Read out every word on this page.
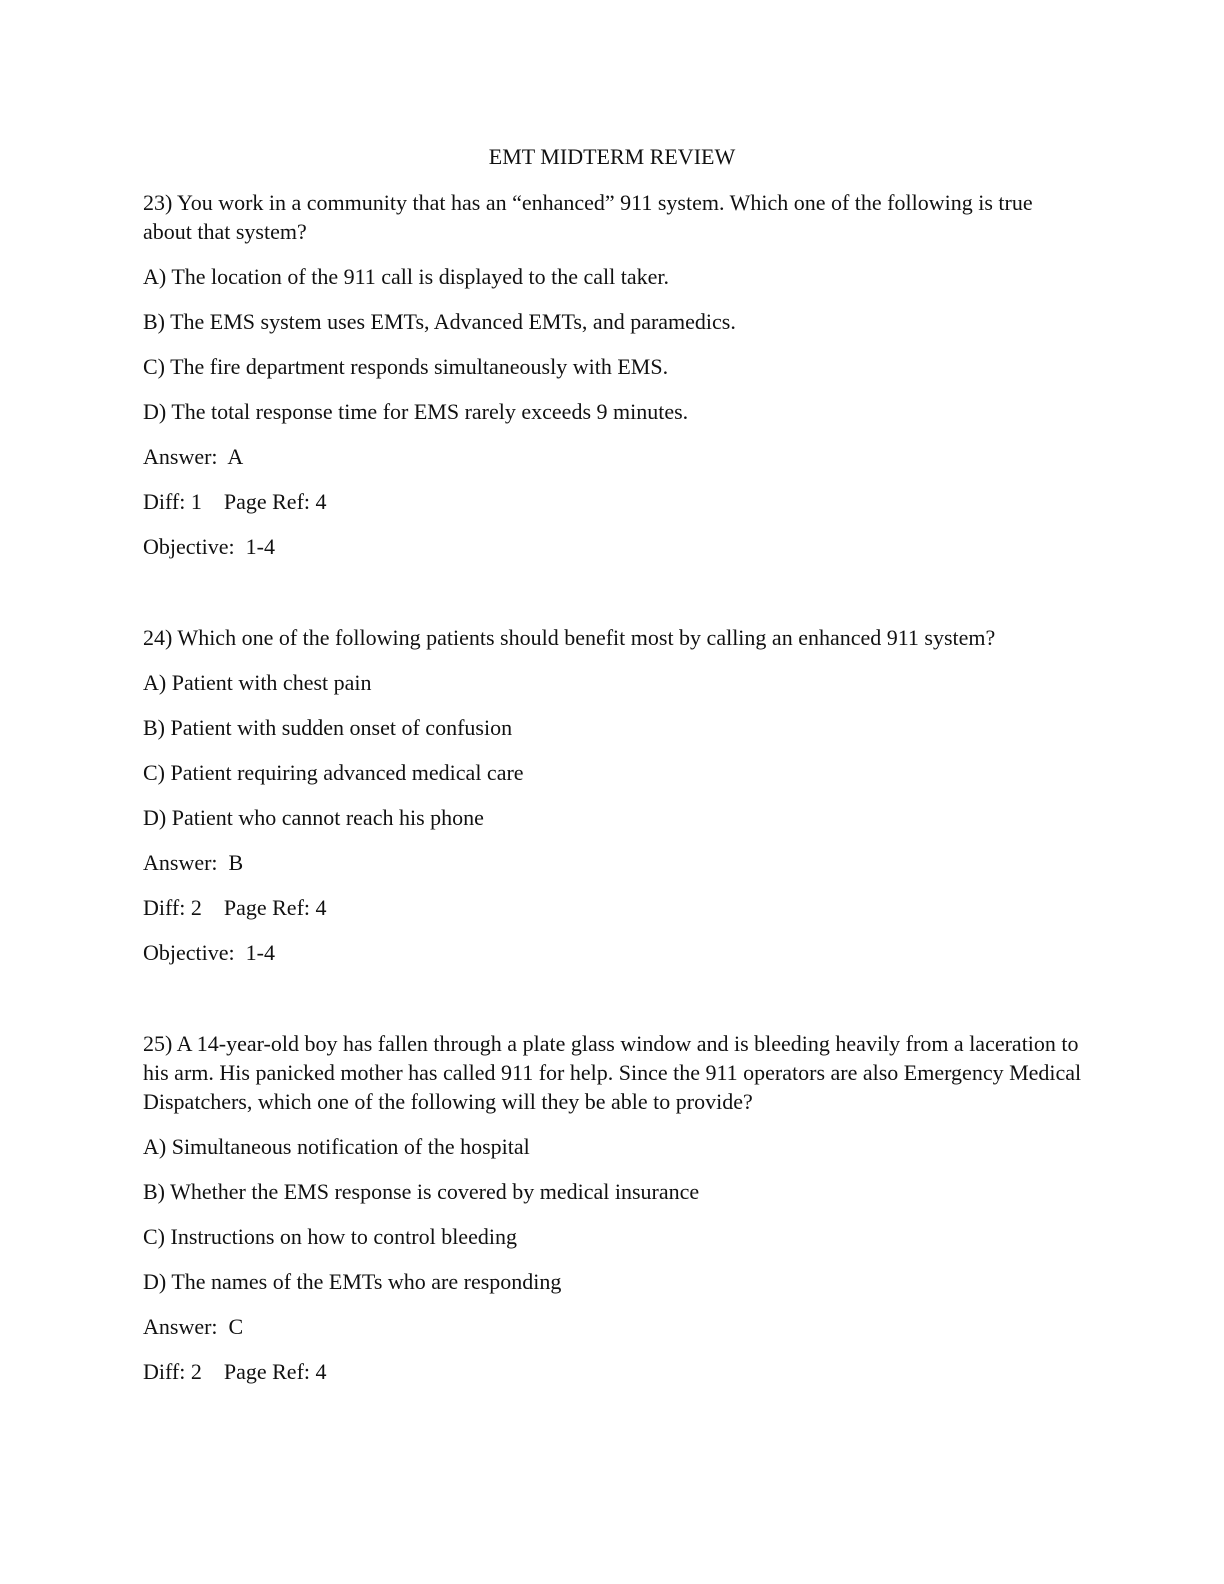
EMT MIDTERM REVIEW

23) You work in a community that has an “enhanced” 911 system. Which one of the following is true about that system?

A) The location of the 911 call is displayed to the call taker.

B) The EMS system uses EMTs, Advanced EMTs, and paramedics.

C) The fire department responds simultaneously with EMS.

D) The total response time for EMS rarely exceeds 9 minutes.

Answer:  A

Diff: 1    Page Ref: 4

Objective:  1-4

24) Which one of the following patients should benefit most by calling an enhanced 911 system?

A) Patient with chest pain

B) Patient with sudden onset of confusion

C) Patient requiring advanced medical care

D) Patient who cannot reach his phone

Answer:  B

Diff: 2    Page Ref: 4

Objective:  1-4

25) A 14-year-old boy has fallen through a plate glass window and is bleeding heavily from a laceration to his arm. His panicked mother has called 911 for help. Since the 911 operators are also Emergency Medical Dispatchers, which one of the following will they be able to provide?

A) Simultaneous notification of the hospital

B) Whether the EMS response is covered by medical insurance

C) Instructions on how to control bleeding

D) The names of the EMTs who are responding

Answer:  C

Diff: 2    Page Ref: 4
